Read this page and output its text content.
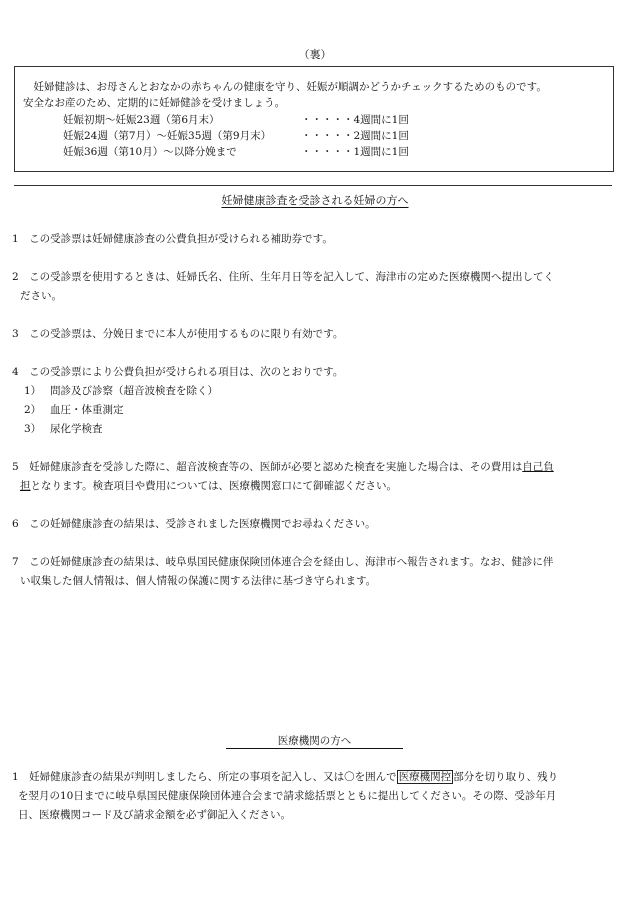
（裏）

　妊婦健診は、お母さんとおなかの赤ちゃんの健康を守り、妊娠が順調かどうかチェックするためのものです。

安全なお産のため、定期的に妊婦健診を受けましょう。

妊娠初期～妊娠23週（第6月末）	・・・・・4週間に1回
妊娠24週（第7月）～妊娠35週（第9月末）	・・・・・2週間に1回
妊娠36週（第10月）～以降分娩まで	・・・・・1週間に1回
妊婦健康診査を受診される妊婦の方へ

1　この受診票は妊婦健康診査の公費負担が受けられる補助券です。

2　この受診票を使用するときは、妊婦氏名、住所、生年月日等を記入して、海津市の定めた医療機関へ提出してく

ださい。

3　この受診票は、分娩日までに本人が使用するものに限り有効です。

4　この受診票により公費負担が受けられる項目は、次のとおりです。

1） 問診及び診察（超音波検査を除く）
2） 血圧・体重測定
3） 尿化学検査

5　妊婦健康診査を受診した際に、超音波検査等の、医師が必要と認めた検査を実施した場合は、その費用は自己負

担となります。検査項目や費用については、医療機関窓口にて御確認ください。

6　この妊婦健康診査の結果は、受診されました医療機関でお尋ねください。

7　この妊婦健康診査の結果は、岐阜県国民健康保険団体連合会を経由し、海津市へ報告されます。なお、健診に伴

い収集した個人情報は、個人情報の保護に関する法律に基づき守られます。

医療機関の方へ

1　妊婦健康診査の結果が判明しましたら、所定の事項を記入し、又は〇を囲んで 医療機関控 部分を切り取り、残り

を翌月の10日までに岐阜県国民健康保険団体連合会まで請求総括票とともに提出してください。その際、受診年月

日、医療機関コード及び請求金額を必ず御記入ください。
